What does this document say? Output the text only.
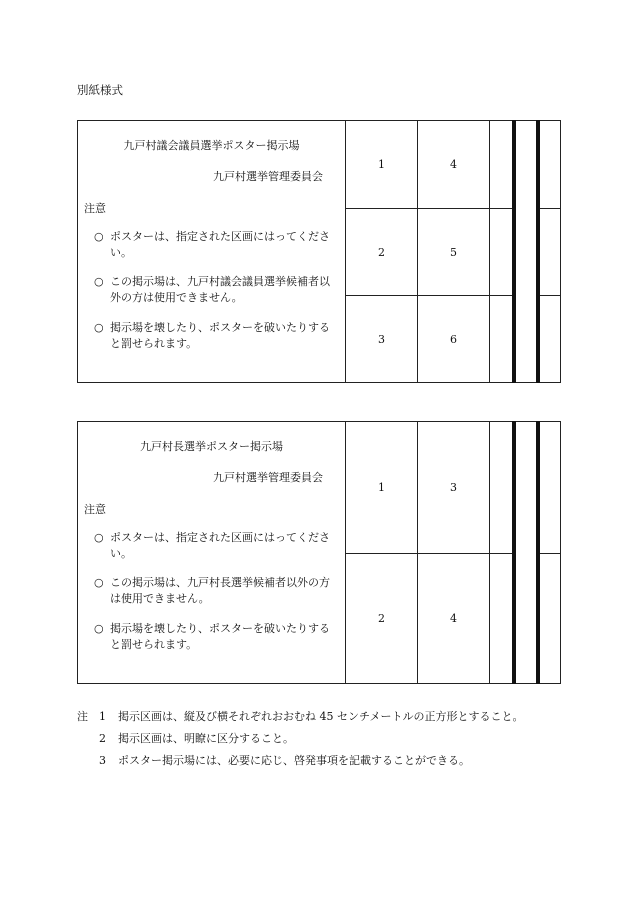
別紙様式
九戸村議会議員選挙ポスター掲示場
九戸村選挙管理委員会
注意
○ ポスターは、指定された区画にはってください。
○ この掲示場は、九戸村議会議員選挙候補者以外の方は使用できません。
○ 掲示場を壊したり、ポスターを破いたりすると罰せられます。
1
2
3
4
5
6
九戸村長選挙ポスター掲示場
九戸村選挙管理委員会
注意
○ ポスターは、指定された区画にはってください。
○ この掲示場は、九戸村長選挙候補者以外の方は使用できません。
○ 掲示場を壊したり、ポスターを破いたりすると罰せられます。
1
2
3
4
注 1 掲示区画は、縦及び横それぞれおおむね 45 センチメートルの正方形とすること。
2 掲示区画は、明瞭に区分すること。
3 ポスター掲示場には、必要に応じ、啓発事項を記載することができる。
